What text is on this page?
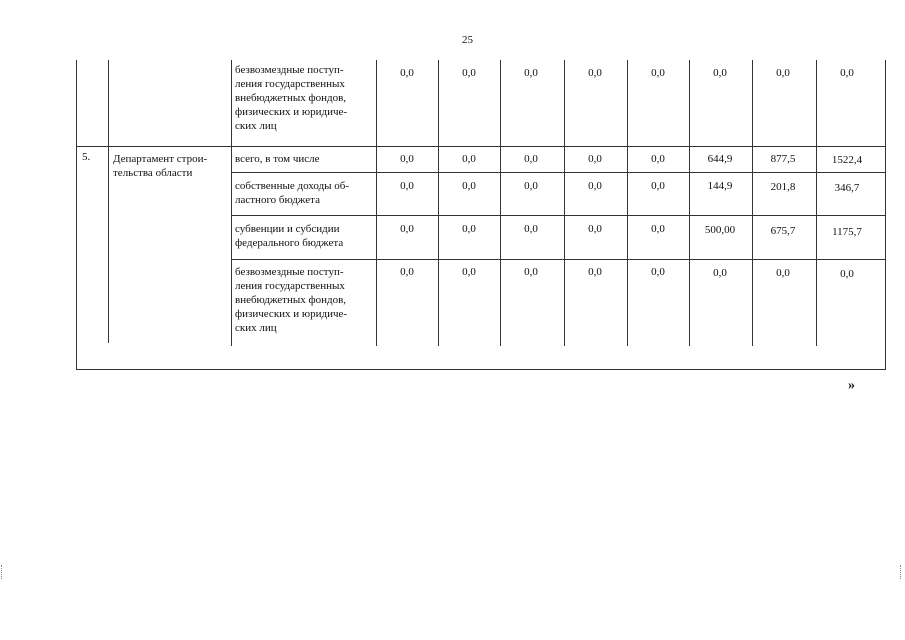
25
безвозмездные поступ-
ления государственных
внебюджетных фондов,
физических и юридиче-
ских лиц
0,0	0,0	0,0	0,0	0,0	0,0	0,0	0,0
5. Департамент строи-
тельства области
всего, в том числе	0,0	0,0	0,0	0,0	0,0	644,9	877,5	1522,4
собственные доходы об-
ластного бюджета
0,0	0,0	0,0	0,0	0,0	144,9	201,8	346,7
субвенции и субсидии
федерального бюджета
0,0	0,0	0,0	0,0	0,0	500,00	675,7	1175,7
безвозмездные поступ-
ления государственных
внебюджетных фондов,
физических и юридиче-
ских лиц
0,0	0,0	0,0	0,0	0,0	0,0	0,0	0,0
»
